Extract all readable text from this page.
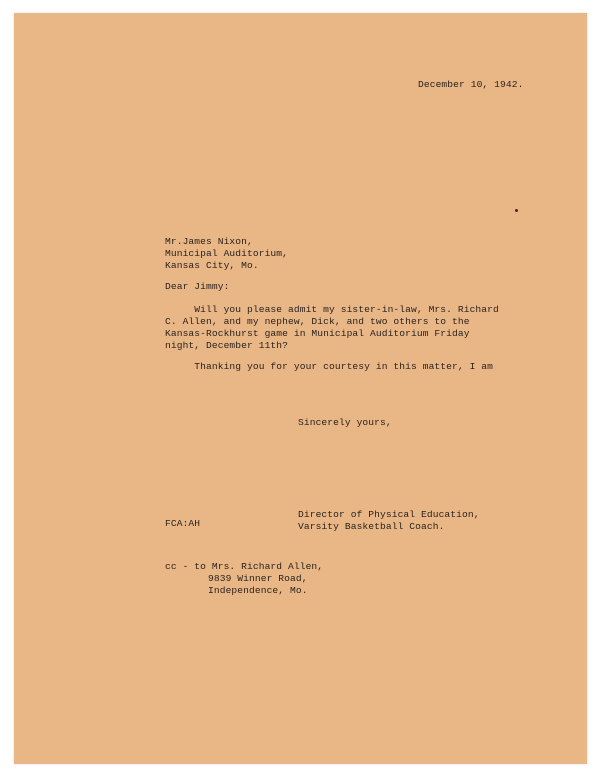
December 10, 1942.

Mr.James Nixon,

Municipal Auditorium,

Kansas City, Mo.

Dear Jimmy:

Will you please admit my sister-in-law, Mrs. Richard

C. Allen, and my nephew, Dick, and two others to the

Kansas-Rockhurst game in Municipal Auditorium Friday

night, December 11th?

Thanking you for your courtesy in this matter, I am

Sincerely yours,

Director of Physical Education,

Varsity Basketball Coach.

FCA:AH

cc - to Mrs. Richard Allen,

9839 Winner Road,

Independence, Mo.
